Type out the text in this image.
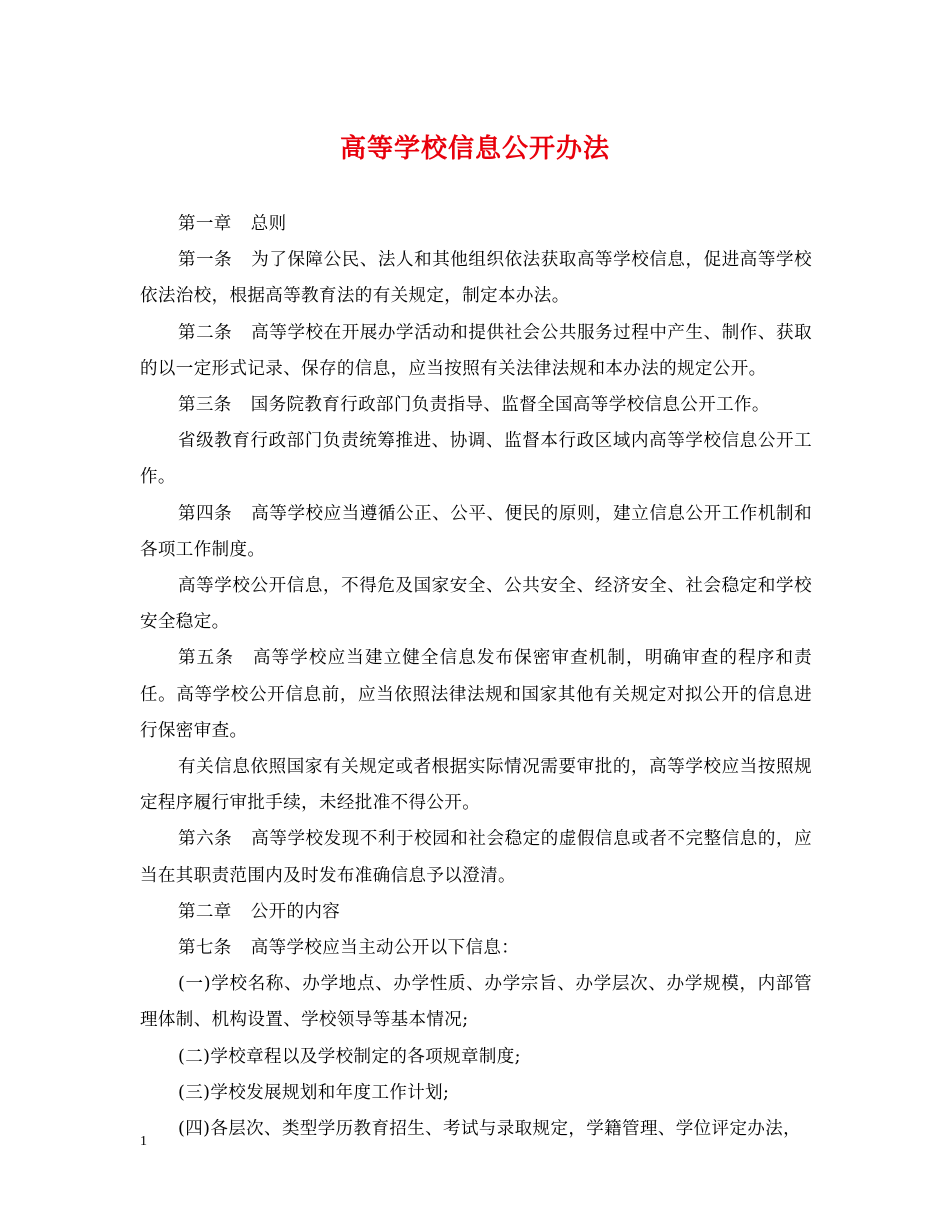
高等学校信息公开办法

第一章 总则

第一条 为了保障公民、法人和其他组织依法获取高等学校信息，促进高等学校依法治校，根据高等教育法的有关规定，制定本办法。

第二条 高等学校在开展办学活动和提供社会公共服务过程中产生、制作、获取的以一定形式记录、保存的信息，应当按照有关法律法规和本办法的规定公开。

第三条 国务院教育行政部门负责指导、监督全国高等学校信息公开工作。

省级教育行政部门负责统筹推进、协调、监督本行政区域内高等学校信息公开工作。

第四条 高等学校应当遵循公正、公平、便民的原则，建立信息公开工作机制和各项工作制度。

高等学校公开信息，不得危及国家安全、公共安全、经济安全、社会稳定和学校安全稳定。

第五条 高等学校应当建立健全信息发布保密审查机制，明确审查的程序和责任。高等学校公开信息前，应当依照法律法规和国家其他有关规定对拟公开的信息进行保密审查。

有关信息依照国家有关规定或者根据实际情况需要审批的，高等学校应当按照规定程序履行审批手续，未经批准不得公开。

第六条 高等学校发现不利于校园和社会稳定的虚假信息或者不完整信息的，应当在其职责范围内及时发布准确信息予以澄清。

第二章 公开的内容

第七条 高等学校应当主动公开以下信息：

(一)学校名称、办学地点、办学性质、办学宗旨、办学层次、办学规模，内部管理体制、机构设置、学校领导等基本情况;

(二)学校章程以及学校制定的各项规章制度;

(三)学校发展规划和年度工作计划;

(四)各层次、类型学历教育招生、考试与录取规定，学籍管理、学位评定办法，

1
